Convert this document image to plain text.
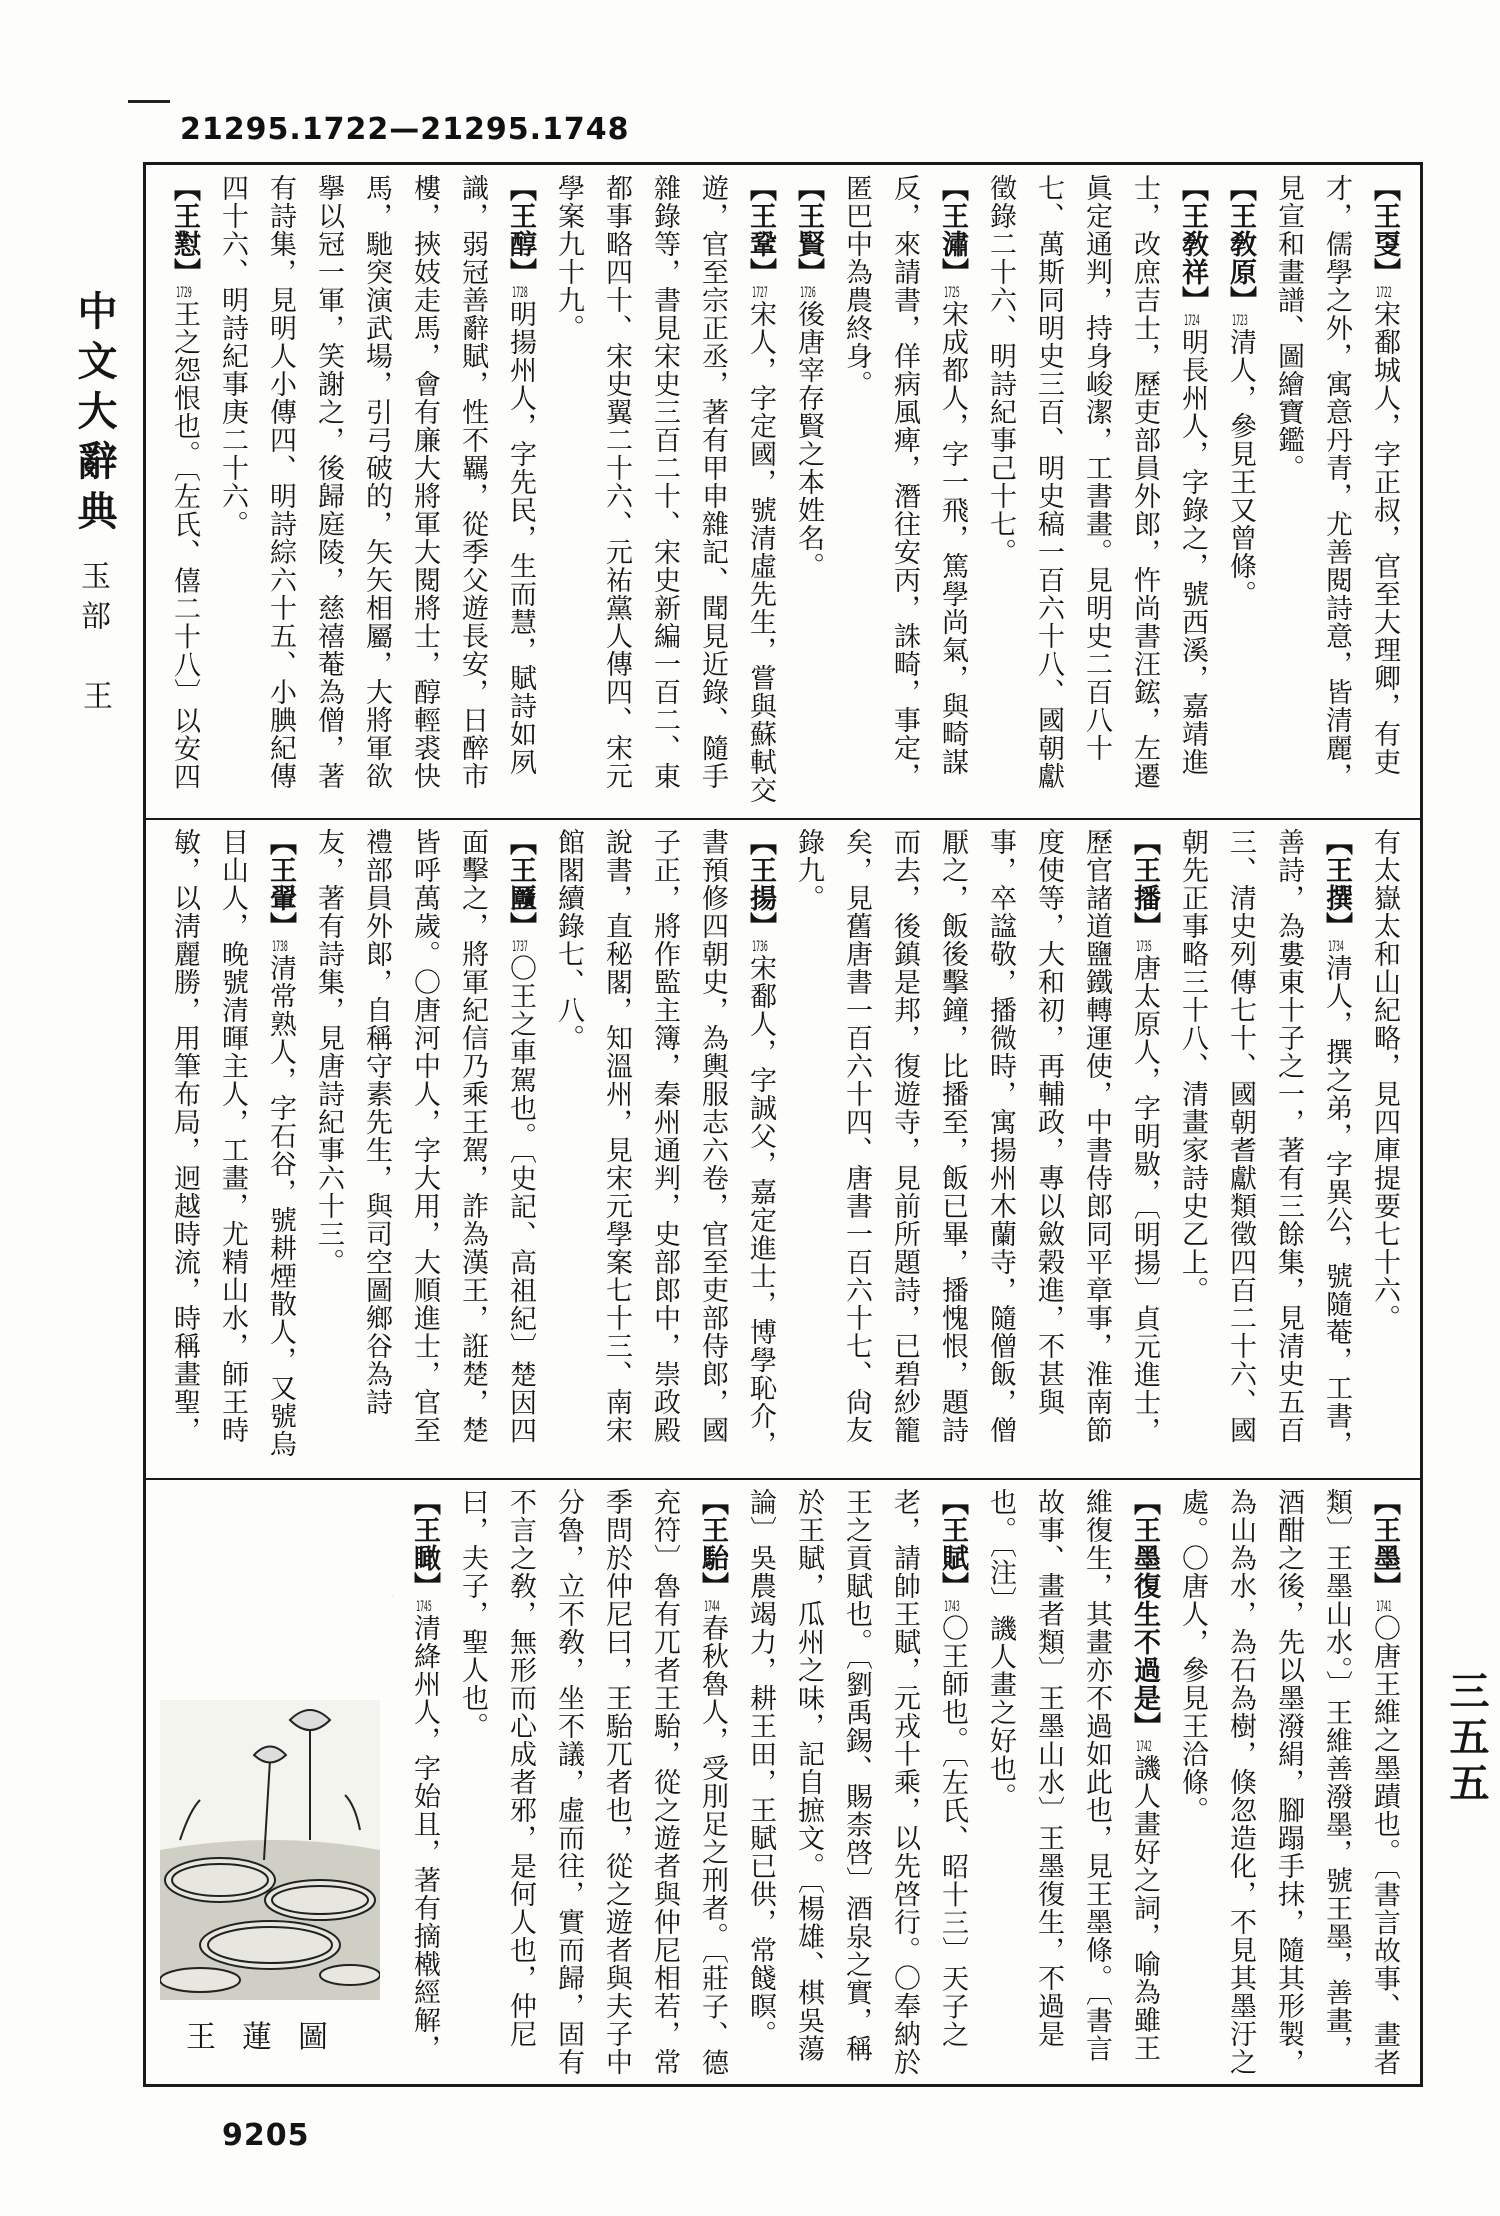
21295.1722—21295.1748
中文大辭典
玉部
王
三五五

【王㪅】1722宋鄱城人，字正叔，官至大理卿，有吏才，儒學之外，寓意丹青，尤善閱詩意，皆清麗，見宣和畫譜、圖繪寶鑑。

【王敎原】1723清人，參見王又曾條。

【王敎祥】1724明長州人，字錄之，號西溪，嘉靖進士，改庶吉士，歷吏部員外郎，忤尚書汪鋐，左遷眞定通判，持身峻潔，工書畫。見明史二百八十七、萬斯同明史三百、明史稿一百六十八、國朝獻徵錄二十六、明詩紀事己十七。

【王潚】1725宋成都人，字一飛，篤學尚氣，與畸謀反，來請書，佯病風痺，潛往安丙，誅畸，事定，匿巴中為農終身。

【王賢】1726後唐宰存賢之本姓名。

【王鞏】1727宋人，字定國，號清虛先生，嘗與蘇軾交遊，官至宗正丞，著有甲申雜記、聞見近錄、隨手雜錄等，書見宋史三百二十、宋史新編一百二、東都事略四十、宋史翼二十六、元祐黨人傳四、宋元學案九十九。

【王醇】1728明揚州人，字先民，生而慧，賦詩如夙識，弱冠善辭賦，性不羈，從季父遊長安，日醉市樓，挾妓走馬，會有廉大將軍大閱將士，醇輕裘快馬，馳突演武場，引弓破的，矢矢相屬，大將軍欲擧以冠一軍，笑謝之，後歸庭陵，慈禧菴為僧，著有詩集，見明人小傳四、明詩綜六十五、小腆紀傳四十六、明詩紀事庚二十六。

【王懟】1729王之怨恨也。〔左氏、僖二十八〕以安四

有太嶽太和山紀略，見四庫提要七十六。

【王撰】1734清人，撰之弟，字異公，號隨菴，工書，善詩，為婁東十子之一，著有三餘集，見清史五百三、清史列傳七十、國朝耆獻類徵四百二十六、國朝先正事略三十八、清畫家詩史乙上。

【王播】1735唐太原人，字明敭，〔明揚〕貞元進士，歷官諸道鹽鐵轉運使，中書侍郎同平章事，淮南節度使等，大和初，再輔政，專以斂榖進，不甚與事，卒諡敬，播微時，寓揚州木蘭寺，隨僧飯，僧厭之，飯後擊鐘，比播至，飯已畢，播愧恨，題詩而去，後鎮是邦，復遊寺，見前所題詩，已碧紗籠矣，見舊唐書一百六十四、唐書一百六十七、尙友錄九。

【王揚】1736宋鄱人，字誠父，嘉定進士，博學恥介，書預修四朝史，為輿服志六卷，官至吏部侍郎，國子正，將作監主簿，秦州通判，史部郎中，崇政殿說書，直秘閣，知溫州，見宋元學案七十三、南宋館閣續錄七、八。

【王㔶】1737〇王之車駕也。〔史記、高祖紀〕楚因四面擊之，將軍紀信乃乘王駕，詐為漢王，誑楚，楚皆呼萬歲。〇唐河中人，字大用，大順進士，官至禮部員外郞，自稱守素先生，與司空圖鄉谷為詩友，著有詩集，見唐詩紀事六十三。

【王翬】1738清常熟人，字石谷，號耕煙散人，又號烏目山人，晚號清暉主人，工畫，尤精山水，師王時敏，以淸麗勝，用筆布局，迥越時流，時稱畫聖，

【王墨】1741〇唐王維之墨蹟也。〔書言故事、畫者類〕王墨山水。〕王維善潑墨，號王墨，善畫，酒酣之後，先以墨潑絹，腳蹋手抹，隨其形製，為山為水，為石為樹，倏忽造化，不見其墨汙之處。〇唐人，參見王洽條。

【王墨復生不過是】1742譏人畫好之詞，喻為雖王維復生，其畫亦不過如此也，見王墨條。〔書言故事、畫者類〕王墨山水〕王墨復生，不過是也。〔注〕譏人畫之好也。

【王賦】1743〇王師也。〔左氏、昭十三〕天子之老，請帥王賦，元戎十乘，以先啓行。〇奉納於王之貢賦也。〔劉禹錫、賜柰啓〕酒泉之實，稱於王賦，瓜州之味，記自摭文。〔楊雄、棋吳蕩論〕吳農竭力，耕王田，王賦已供，常餞瞑。

【王駘】1744春秋魯人，受刖足之刑者。〔莊子、德充符〕魯有兀者王駘，從之遊者與仲尼相若，常季問於仲尼曰，王駘兀者也，從之遊者與夫子中分魯，立不敎，坐不議，虛而往，實而歸，固有不言之敎，無形而心成者邪，是何人也，仲尼曰，夫子，聖人也。

【王瞰】1745清絳州人，字始且，著有摘橶經解，

王蓮圖
9205
